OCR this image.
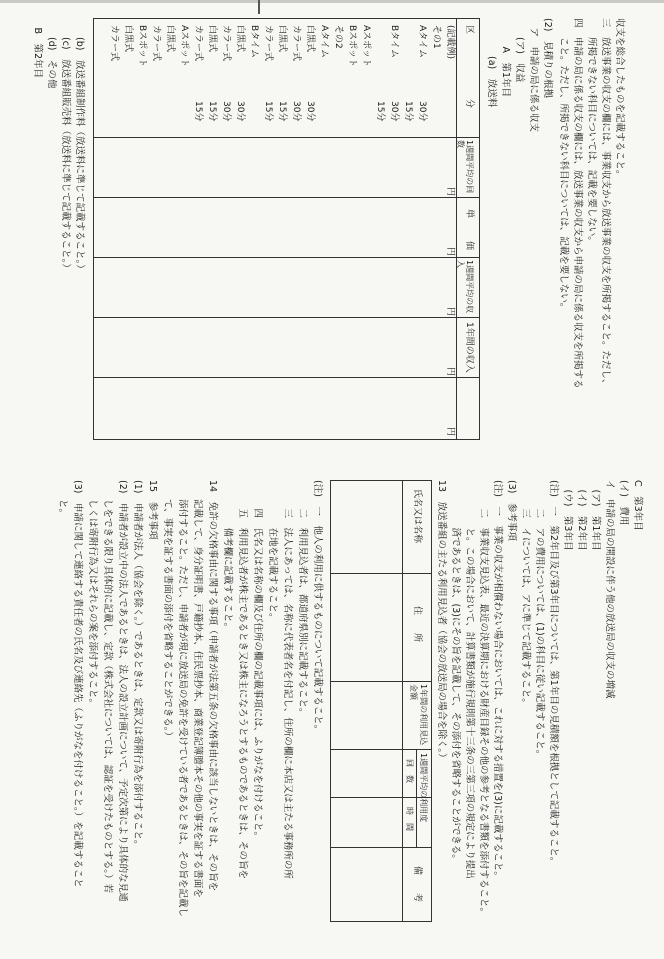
収支を総合したものを記載すること。
三　放送事業の収支の欄には、事業収支から放送事業の収支を所掲すること。ただし、
　　所掲できない科目については、記載を要しない。
四　申請の局に係る収支の欄には、放送事業の収支から申請の局に係る収支を所掲する
　　こと。ただし、所掲できない科目については、記載を要しない。
(2)　見積りの根拠
　ア　申請の局に係る収支
　　(ア)　収益
　　　A　第1年目
　　　　(a)　放送料
区
分
1週間平均の回数
単
価
1週間平均の収入
1年間の収入
円
円
円
円
円
(記載例)
その1
Aタイム
30分
15分
Bタイム
30分
15分
Aスポット
Bスポット
その2
Aタイム
白黒式
30分
カラー式
30分
白黒式
15分
カラー式
15分
Bタイム
白黒式
30分
カラー式
30分
白黒式
15分
カラー式
15分
Aスポット
白黒式
カラー式
Bスポット
白黒式
カラー式
　　(b)　放送番組制作料（放送料に準じて記載すること。）
　　(c)　放送番組販売料（放送料に準じて記載すること。）
　　(d)　その他
　B　第2年目
C　第3年目
(イ)　費用
イ　申請の局の開設に伴う他の放送局の収支の増減
　(ア)　第1年目
　(イ)　第2年目
　(ウ)　第3年目
(注)　一　第2年目及び第3年目については、第1年目の見積額を根拠として記載すること。
　　　二　アの費用については、(1)の科目に従い記載すること。
　　　三　イについては、アに準じて記載すること。
(3)　参考事項
(注)　一　事業の収支が相償わない場合においては、これに対する措置を(3)に記載すること。
　　　二　事業収支見込表、最近の決算期における財産目録その他の参考となる書類を添付すること。
　　　　　と。この場合において、計算書類が施行規則第十三条の三第三項の規定により提出
　　　　　済であるときは、(3)にその旨を記載して、その添付を省略することができる。
13　放送番組の主たる利用見込者（協会の放送局の場合を除く。）
氏名又は名称
住　　所
1年間の利用見込金額
1週間平均の利用度
回　数
時　間
備　　考
(注)　一　他人の利用に供するものについて記載すること。
　　　二　利用見込者は、都道府県別に記載すること。
　　　三　法人にあっては、名称に代表者名を付記し、住所の欄に本店又は主たる事務所の所
　　　　　在地を記載すること。
　　　四　氏名又は名称の欄及び住所の欄の記載事項には、ふりがなを付けること。
　　　五　利用見込者が株主であるとき又は株主になろうとするものであるときは、その旨を
　　　　　備考欄に記載すること。
14　免許の欠格事由に関する事項（申請者が法第五条の欠格事由に該当しないときは、その旨を
　　記載して、身分証明書、戸籍抄本、住民票抄本、商業登記簿謄本その他の事実を証する書面を
　　添付すること。ただし、申請者が現に放送局の免許を受けている者であるときは、その旨を記載し
　　て、事実を証する書面の添付を省略することができる。）
15　参考事項
(1)　申請者が法人（協会を除く。）であるときは、定款又は寄附行為を添付すること。
(2)　申請者が設立中の法人であるときは、法人の設立計画について、予定次第により具体的な見通
　　しをできる限り具体的に記載し、定款（株式会社については、認証を受けたものとする。）若
　　しくは寄附行為又はそれらの案を添付すること。
(3)　申請に関して連絡する責任者の氏名及び連絡先（ふりがなを付けること。）を記載すること
　　と。
